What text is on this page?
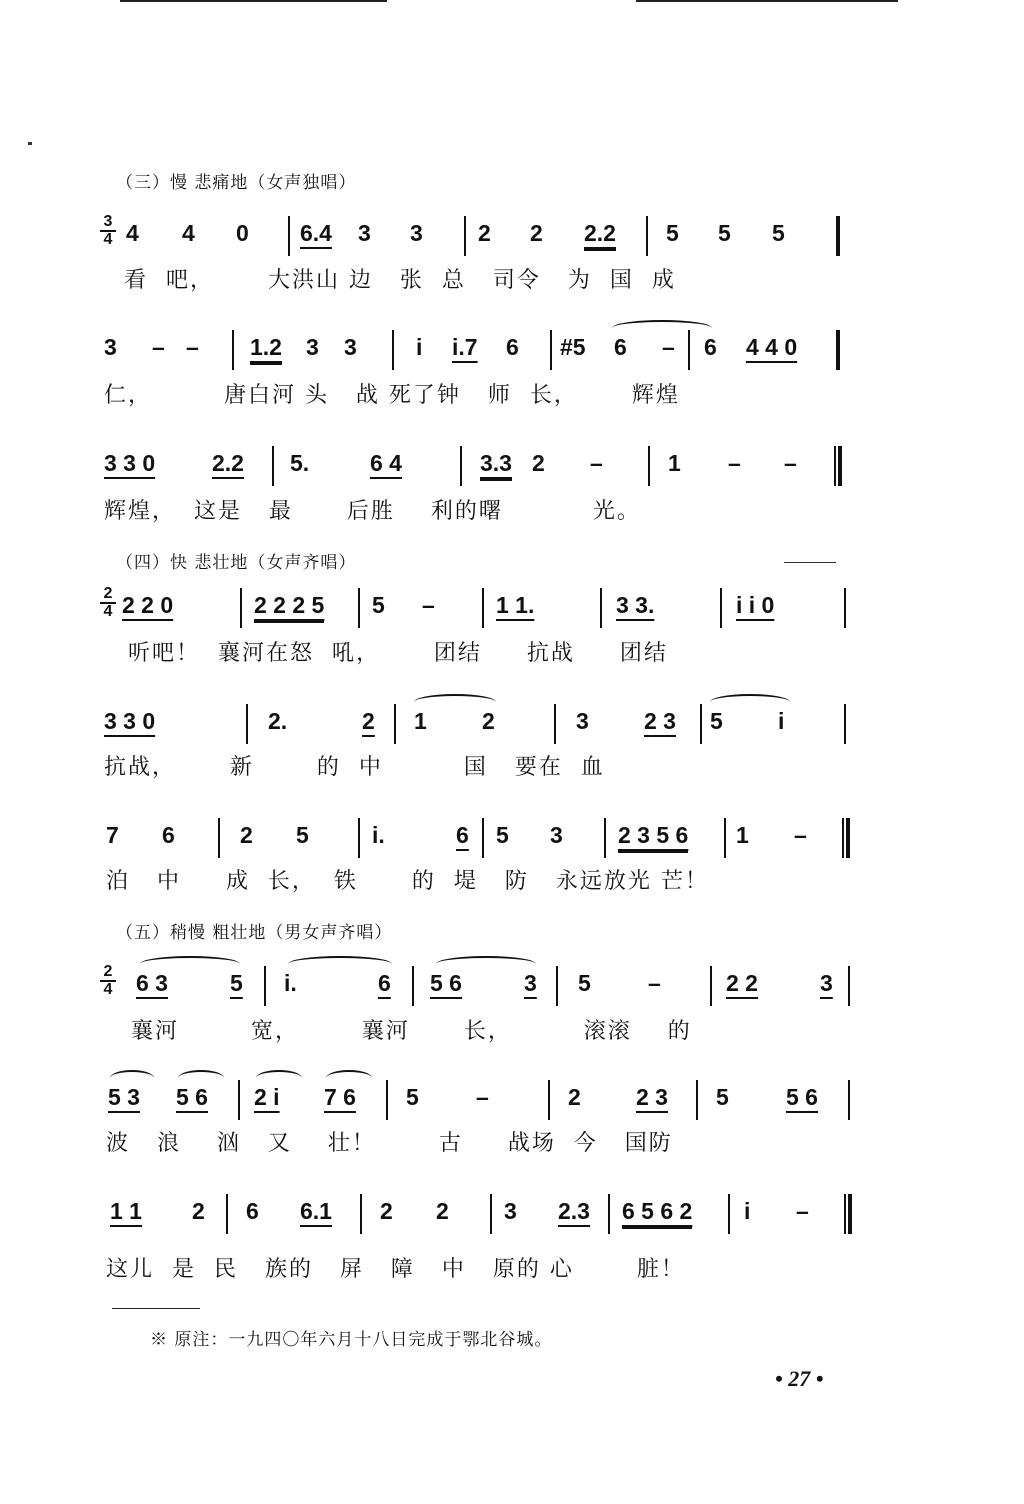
（三）慢 悲痛地（女声独唱）
3
4 4 4 0 6.4 3 3 2 2 2.2 5 5 5
看  吧，      大洪山 边   张  总   司令   为  国  成
3 – – 1.2 3 3	i i.7 6 #5 6 – 6 4 4 0
仁，        唐白河 头   战 死了钟   师  长，      辉煌
3 3 0 2.2 5.	6 4	3.3 2 –	1 – –
辉煌，  这是   最      后胜    利的曙          光。
（四）快 悲壮地（女声齐唱）
2
4 2 2 0	2 2 2 5 5 –	1 1.	3 3.	i i 0
听吧！  襄河在怒  吼，      团结     抗战     团结
3 3 0	2.	2 1 2	3 2 3 5 i
抗战，      新       的  中         国   要在  血
7 6	2 5	i.	6 5 3 2 3 5 6 1 –
泊   中     成  长，  铁      的  堤   防   永远放光 芒！
（五）稍慢 粗壮地（男女声齐唱）
2
4 6 3	5 i.	6 5 6	3 5 –	2 2	3
襄河        宽，       襄河      长，        滚滚    的
5 3 5 6 2 i 7 6 5 –	2 2 3 5 5 6
波   浪    汹   又    壮！       古     战场  今   国防
1 1 2 6 6.1 2 2 3 2.3 6 5 6 2 i –
这儿  是  民   族的   屏   障   中   原的 心       脏！
※ 原注：一九四〇年六月十八日完成于鄂北谷城。
• 27 •
